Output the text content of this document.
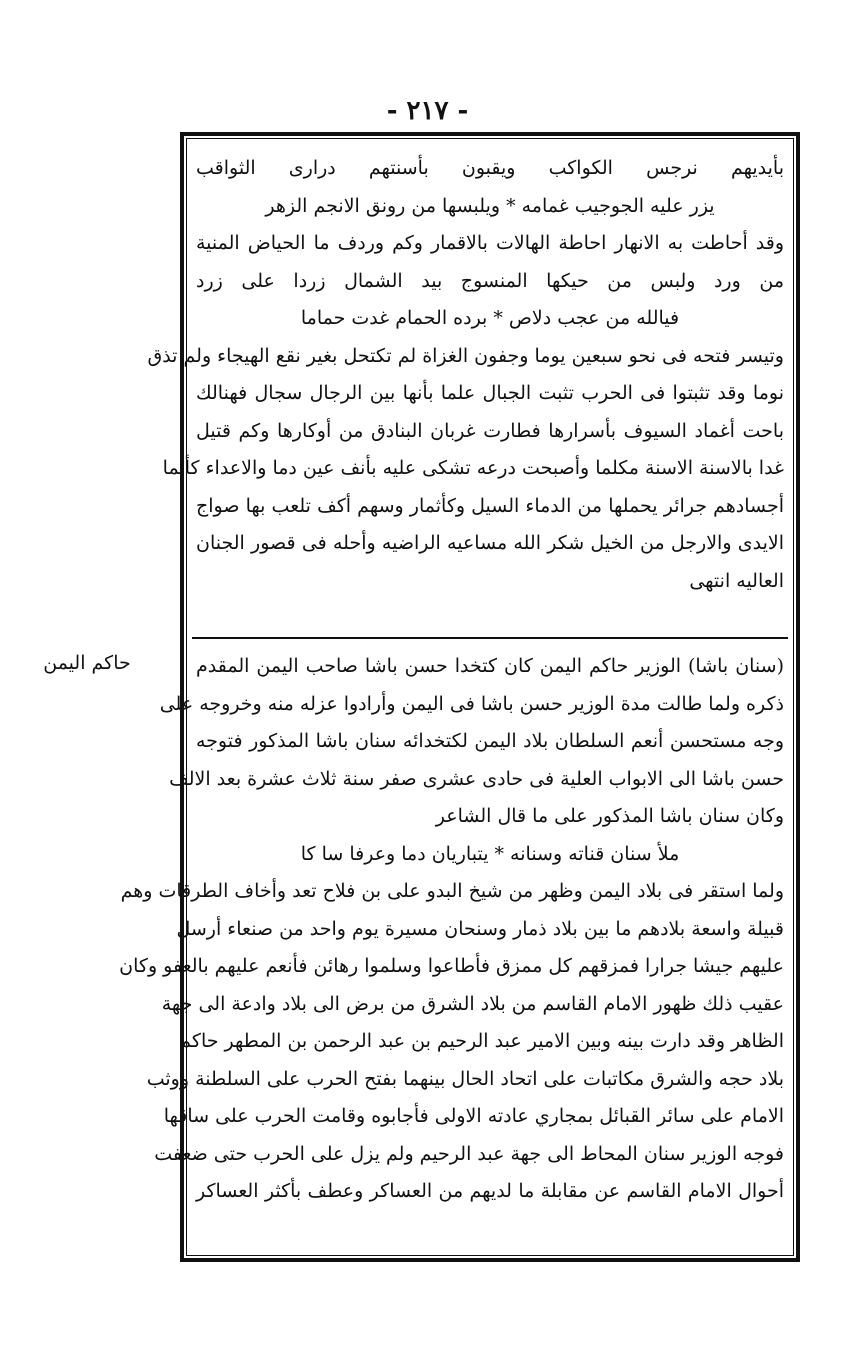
- ٢١٧ -
بأيديهم نرجس الكواكب ويقبون بأسنتهم درارى الثواقب
يزر عليه الجوجيب غمامه * ويلبسها من رونق الانجم الزهر
وقد أحاطت به الانهار احاطة الهالات بالاقمار وكم وردف ما الحياض المنية
من ورد ولبس من حيكها المنسوج بيد الشمال زردا على زرد
فيالله من عجب دلاص * برده الحمام غدت حماما
وتيسر فتحه فى نحو سبعين يوما وجفون الغزاة لم تكتحل بغير نقع الهيجاء ولم تذق
نوما وقد تثبتوا فى الحرب تثبت الجبال علما بأنها بين الرجال سجال فهنالك
باحت أغماد السيوف بأسرارها فطارت غربان البنادق من أوكارها وكم قتيل
غدا بالاسنة الاسنة مكلما وأصبحت درعه تشكى عليه بأنف عين دما والاعداء كأنما
أجسادهم جرائر يحملها من الدماء السيل وكأثمار وسهم أكف تلعب بها صواج
الايدى والارجل من الخيل شكر الله مساعيه الراضيه وأحله فى قصور الجنان
العاليه انتهى
حاكم اليمن	(سنان باشا) الوزير حاكم اليمن كان كتخدا حسن باشا صاحب اليمن المقدم
ذكره ولما طالت مدة الوزير حسن باشا فى اليمن وأرادوا عزله منه وخروجه على
وجه مستحسن أنعم السلطان بلاد اليمن لكتخدائه سنان باشا المذكور فتوجه
حسن باشا الى الابواب العلية فى حادى عشرى صفر سنة ثلاث عشرة بعد الالف
وكان سنان باشا المذكور على ما قال الشاعر
ملأ سنان قناته وسنانه * يتباريان دما وعرفا سا كا
ولما استقر فى بلاد اليمن وظهر من شيخ البدو على بن فلاح تعد وأخاف الطرقات وهم
قبيلة واسعة بلادهم ما بين بلاد ذمار وسنحان مسيرة يوم واحد من صنعاء أرسل
عليهم جيشا جرارا فمزقهم كل ممزق فأطاعوا وسلموا رهائن فأنعم عليهم بالعفو وكان
عقيب ذلك ظهور الامام القاسم من بلاد الشرق من برض الى بلاد وادعة الى جهة
الظاهر وقد دارت بينه وبين الامير عبد الرحيم بن عبد الرحمن بن المطهر حاكم
بلاد حجه والشرق مكاتبات على اتحاد الحال بينهما بفتح الحرب على السلطنة ووثب
الامام على سائر القبائل بمجاري عادته الاولى فأجابوه وقامت الحرب على ساقها
فوجه الوزير سنان المحاط الى جهة عبد الرحيم ولم يزل على الحرب حتى ضعفت
أحوال الامام القاسم عن مقابلة ما لديهم من العساكر وعطف بأكثر العساكر
